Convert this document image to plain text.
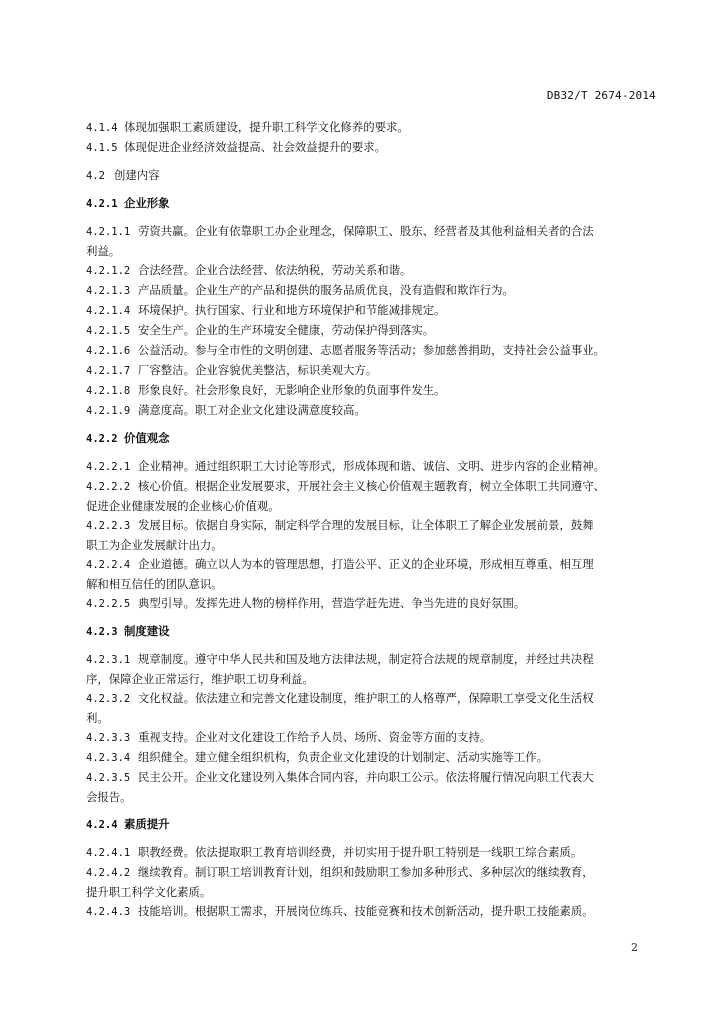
DB32/T 2674-2014
4.1.4 体现加强职工素质建设，提升职工科学文化修养的要求。
4.1.5 体现促进企业经济效益提高、社会效益提升的要求。
4.2 创建内容
4.2.1 企业形象
4.2.1.1 劳资共赢。企业有依靠职工办企业理念，保障职工、股东、经营者及其他利益相关者的合法
利益。
4.2.1.2 合法经营。企业合法经营、依法纳税，劳动关系和谐。
4.2.1.3 产品质量。企业生产的产品和提供的服务品质优良，没有造假和欺诈行为。
4.2.1.4 环境保护。执行国家、行业和地方环境保护和节能减排规定。
4.2.1.5 安全生产。企业的生产环境安全健康，劳动保护得到落实。
4.2.1.6 公益活动。参与全市性的文明创建、志愿者服务等活动；参加慈善捐助，支持社会公益事业。
4.2.1.7 厂容整洁。企业容貌优美整洁，标识美观大方。
4.2.1.8 形象良好。社会形象良好，无影响企业形象的负面事件发生。
4.2.1.9 满意度高。职工对企业文化建设满意度较高。
4.2.2 价值观念
4.2.2.1 企业精神。通过组织职工大讨论等形式，形成体现和谐、诚信、文明、进步内容的企业精神。
4.2.2.2 核心价值。根据企业发展要求，开展社会主义核心价值观主题教育，树立全体职工共同遵守、
促进企业健康发展的企业核心价值观。
4.2.2.3 发展目标。依据自身实际，制定科学合理的发展目标，让全体职工了解企业发展前景，鼓舞
职工为企业发展献计出力。
4.2.2.4 企业道德。确立以人为本的管理思想，打造公平、正义的企业环境，形成相互尊重、相互理
解和相互信任的团队意识。
4.2.2.5 典型引导。发挥先进人物的榜样作用，营造学赶先进、争当先进的良好氛围。
4.2.3 制度建设
4.2.3.1 规章制度。遵守中华人民共和国及地方法律法规，制定符合法规的规章制度，并经过共决程
序，保障企业正常运行，维护职工切身利益。
4.2.3.2 文化权益。依法建立和完善文化建设制度，维护职工的人格尊严，保障职工享受文化生活权
利。
4.2.3.3 重视支持。企业对文化建设工作给予人员、场所、资金等方面的支持。
4.2.3.4 组织健全。建立健全组织机构，负责企业文化建设的计划制定、活动实施等工作。
4.2.3.5 民主公开。企业文化建设列入集体合同内容，并向职工公示。依法将履行情况向职工代表大
会报告。
4.2.4 素质提升
4.2.4.1 职教经费。依法提取职工教育培训经费，并切实用于提升职工特别是一线职工综合素质。
4.2.4.2 继续教育。制订职工培训教育计划，组织和鼓励职工参加多种形式、多种层次的继续教育，
提升职工科学文化素质。
4.2.4.3 技能培训。根据职工需求，开展岗位练兵、技能竞赛和技术创新活动，提升职工技能素质。
2
